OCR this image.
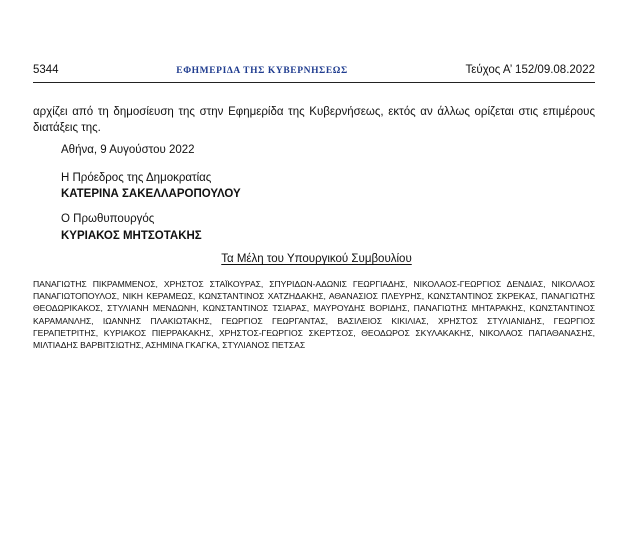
5344	ΕΦΗΜΕΡΙΔΑ ΤΗΣ ΚΥΒΕΡΝΗΣΕΩΣ	Τεύχος Α’ 152/09.08.2022
αρχίζει από τη δημοσίευση της στην Εφημερίδα της Κυβερνήσεως, εκτός αν άλλως ορίζεται στις επιμέρους διατάξεις της.
Αθήνα, 9 Αυγούστου 2022
Η Πρόεδρος της Δημοκρατίας
ΚΑΤΕΡΙΝΑ ΣΑΚΕΛΛΑΡΟΠΟΥΛΟΥ
Ο Πρωθυπουργός
ΚΥΡΙΑΚΟΣ ΜΗΤΣΟΤΑΚΗΣ
Τα Μέλη του Υπουργικού Συμβουλίου
ΠΑΝΑΓΙΩΤΗΣ ΠΙΚΡΑΜΜΕΝΟΣ, ΧΡΗΣΤΟΣ ΣΤΑΪΚΟΥΡΑΣ, ΣΠΥΡΙΔΩΝ-ΑΔΩΝΙΣ ΓΕΩΡΓΙΑΔΗΣ, ΝΙΚΟΛΑΟΣ-ΓΕΩΡΓΙΟΣ ΔΕΝΔΙΑΣ, ΝΙΚΟΛΑΟΣ ΠΑΝΑΓΙΩΤΟΠΟΥΛΟΣ, ΝΙΚΗ ΚΕΡΑΜΕΩΣ, ΚΩΝΣΤΑΝΤΙΝΟΣ ΧΑΤΖΗΔΑΚΗΣ, ΑΘΑΝΑΣΙΟΣ ΠΛΕΥΡΗΣ, ΚΩΝΣΤΑΝΤΙΝΟΣ ΣΚΡΕΚΑΣ, ΠΑΝΑΓΙΩΤΗΣ ΘΕΟΔΩΡΙΚΑΚΟΣ, ΣΤΥΛΙΑΝΗ ΜΕΝΔΩΝΗ, ΚΩΝΣΤΑΝΤΙΝΟΣ ΤΣΙΑΡΑΣ, ΜΑΥΡΟΥΔΗΣ ΒΟΡΙΔΗΣ, ΠΑΝΑΓΙΩΤΗΣ ΜΗΤΑΡΑΚΗΣ, ΚΩΝΣΤΑΝΤΙΝΟΣ ΚΑΡΑΜΑΝΛΗΣ, ΙΩΑΝΝΗΣ ΠΛΑΚΙΩΤΑΚΗΣ, ΓΕΩΡΓΙΟΣ ΓΕΩΡΓΑΝΤΑΣ, ΒΑΣΙΛΕΙΟΣ ΚΙΚΙΛΙΑΣ, ΧΡΗΣΤΟΣ ΣΤΥΛΙΑΝΙΔΗΣ, ΓΕΩΡΓΙΟΣ ΓΕΡΑΠΕΤΡΙΤΗΣ, ΚΥΡΙΑΚΟΣ ΠΙΕΡΡΑΚΑΚΗΣ, ΧΡΗΣΤΟΣ-ΓΕΩΡΓΙΟΣ ΣΚΕΡΤΣΟΣ, ΘΕΟΔΩΡΟΣ ΣΚΥΛΑΚΑΚΗΣ, ΝΙΚΟΛΑΟΣ ΠΑΠΑΘΑΝΑΣΗΣ, ΜΙΛΤΙΑΔΗΣ ΒΑΡΒΙΤΣΙΩΤΗΣ, ΑΣΗΜΙΝΑ ΓΚΑΓΚΑ, ΣΤΥΛΙΑΝΟΣ ΠΕΤΣΑΣ
